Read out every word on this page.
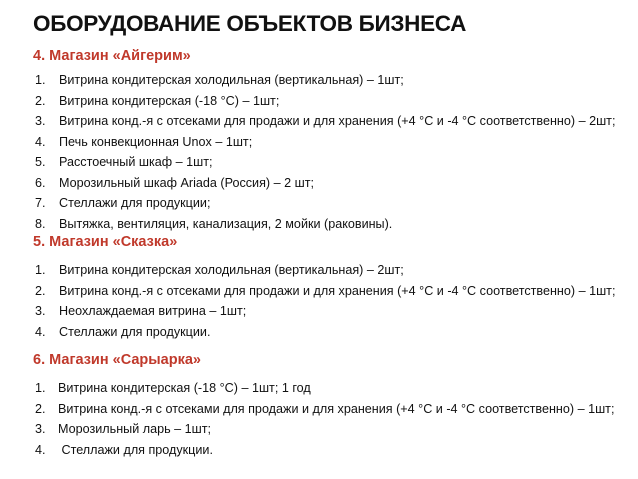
ОБОРУДОВАНИЕ ОБЪЕКТОВ БИЗНЕСА
4. Магазин «Айгерим»
1. Витрина кондитерская холодильная (вертикальная) – 1шт;
2. Витрина кондитерская (-18 °С) – 1шт;
3. Витрина конд.-я с отсеками для продажи и для хранения (+4 °С и -4 °С соответственно) – 2шт;
4. Печь конвекционная Unox – 1шт;
5. Расстоечный шкаф – 1шт;
6. Морозильный шкаф Ariada (Россия) – 2 шт;
7. Стеллажи для продукции;
8. Вытяжка, вентиляция, канализация, 2 мойки (раковины).
5. Магазин «Сказка»
1. Витрина кондитерская холодильная (вертикальная) – 2шт;
2. Витрина конд.-я с отсеками для продажи и для хранения (+4 °С и -4 °С соответственно) – 1шт;
3. Неохлаждаемая витрина – 1шт;
4. Стеллажи для продукции.
6. Магазин «Сарыарка»
1. Витрина кондитерская (-18 °С) – 1шт; 1 год
2. Витрина конд.-я с отсеками для продажи и для хранения (+4 °С и -4 °С соответственно) – 1шт;
3. Морозильный ларь – 1шт;
4. Стеллажи для продукции.
